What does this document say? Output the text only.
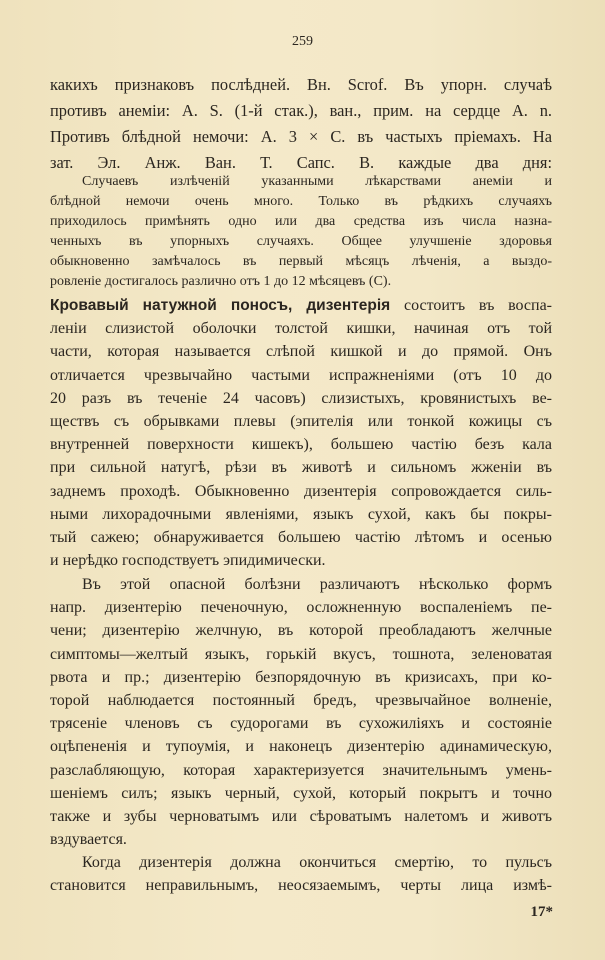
259
какихъ признаковъ послѣдней. Вн. Scrof. Въ упорн. случаѣ
противъ анеміи: A. S. (1-й стак.), ван., прим. на сердце A. n.
Противъ блѣдной немочи: A. 3 × C. въ частыхъ пріемахъ. На
зат. Эл. Анж. Ван. Т. Сапс. В. каждые два дня:
Случаевъ излѣченій указанными лѣкарствами анеміи и
блѣдной немочи очень много. Только въ рѣдкихъ случаяхъ
приходилось примѣнять одно или два средства изъ числа назна-
ченныхъ въ упорныхъ случаяхъ. Общее улучшеніе здоровья
обыкновенно замѣчалось въ первый мѣсяцъ лѣченія, а выздо-
ровленіе достигалось различно отъ 1 до 12 мѣсяцевъ (C).
Кровавый натужной поносъ, дизентерія состоитъ въ воспа-
леніи слизистой оболочки толстой кишки, начиная отъ той
части, которая называется слѣпой кишкой и до прямой. Онъ
отличается чрезвычайно частыми испражненіями (отъ 10 до
20 разъ въ теченіе 24 часовъ) слизистыхъ, кровянистыхъ ве-
ществъ съ обрывками плевы (эпителія или тонкой кожицы съ
внутренней поверхности кишекъ), большею частію безъ кала
при сильной натугѣ, рѣзи въ животѣ и сильномъ жженіи въ
заднемъ проходѣ. Обыкновенно дизентерія сопровождается силь-
ными лихорадочными явленіями, языкъ сухой, какъ бы покры-
тый сажею; обнаруживается большею частію лѣтомъ и осенью
и нерѣдко господствуетъ эпидимически.
Въ этой опасной болѣзни различаютъ нѣсколько формъ
напр. дизентерію печеночную, осложненную воспаленіемъ пе-
чени; дизентерію желчную, въ которой преобладаютъ желчные
симптомы—желтый языкъ, горькій вкусъ, тошнота, зеленоватая
рвота и пр.; дизентерію безпорядочную въ кризисахъ, при ко-
торой наблюдается постоянный бредъ, чрезвычайное волненіе,
трясеніе членовъ съ судорогами въ сухожиліяхъ и состояніе
оцѣпененія и тупоумія, и наконецъ дизентерію адинамическую,
разслабляющую, которая характеризуется значительнымъ умень-
шеніемъ силъ; языкъ черный, сухой, который покрытъ и точно
также и зубы черноватымъ или сѣроватымъ налетомъ и животъ
вздувается.
Когда дизентерія должна окончиться смертію, то пульсъ
становится неправильнымъ, неосязаемымъ, черты лица измѣ-
17*
